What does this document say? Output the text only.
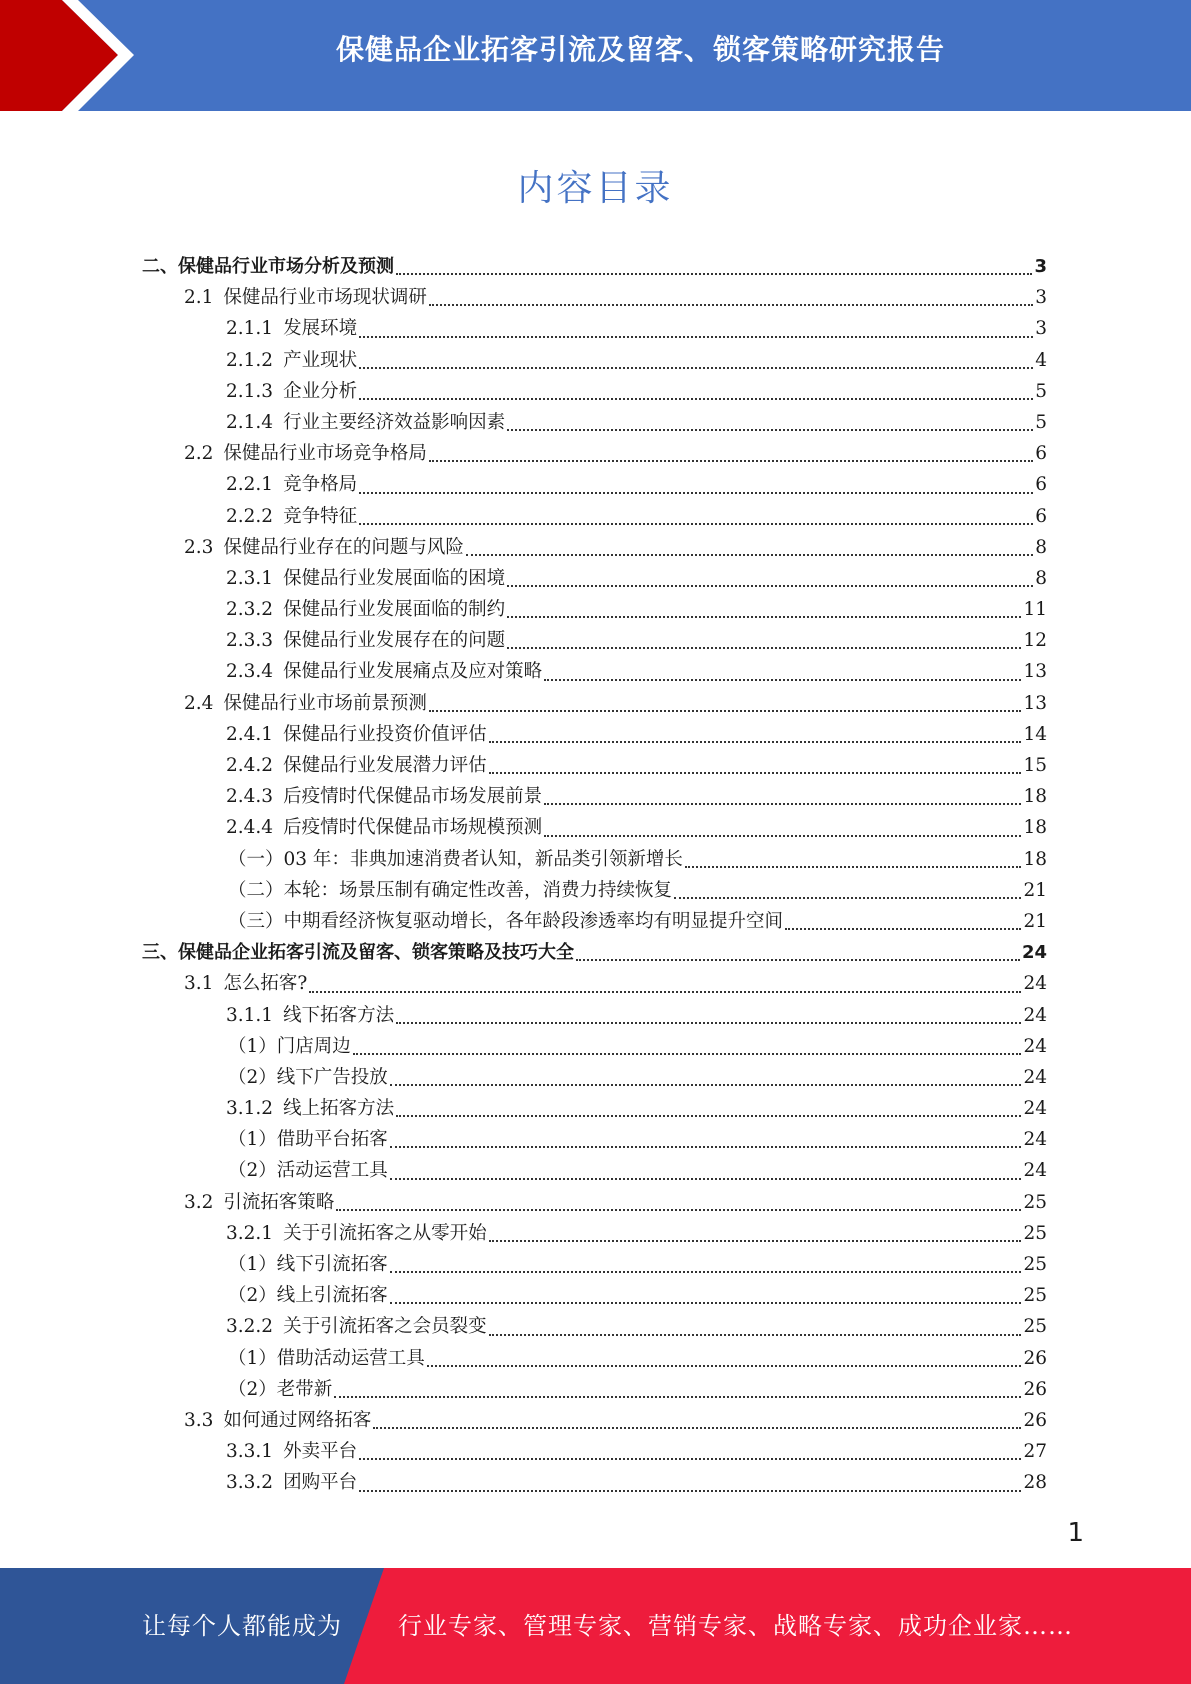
保健品企业拓客引流及留客、锁客策略研究报告
内容目录
二、保健品行业市场分析及预测	3
2.1 保健品行业市场现状调研	3
2.1.1 发展环境	3
2.1.2 产业现状	4
2.1.3 企业分析	5
2.1.4 行业主要经济效益影响因素	5
2.2 保健品行业市场竞争格局	6
2.2.1 竞争格局	6
2.2.2 竞争特征	6
2.3 保健品行业存在的问题与风险	8
2.3.1 保健品行业发展面临的困境	8
2.3.2 保健品行业发展面临的制约	11
2.3.3 保健品行业发展存在的问题	12
2.3.4 保健品行业发展痛点及应对策略	13
2.4 保健品行业市场前景预测	13
2.4.1 保健品行业投资价值评估	14
2.4.2 保健品行业发展潜力评估	15
2.4.3 后疫情时代保健品市场发展前景	18
2.4.4 后疫情时代保健品市场规模预测	18
（一）03 年：非典加速消费者认知，新品类引领新增长	18
（二）本轮：场景压制有确定性改善，消费力持续恢复	21
（三）中期看经济恢复驱动增长，各年龄段渗透率均有明显提升空间	21
三、保健品企业拓客引流及留客、锁客策略及技巧大全	24
3.1 怎么拓客?	24
3.1.1 线下拓客方法	24
（1）门店周边	24
（2）线下广告投放	24
3.1.2 线上拓客方法	24
（1）借助平台拓客	24
（2）活动运营工具	24
3.2 引流拓客策略	25
3.2.1 关于引流拓客之从零开始	25
（1）线下引流拓客	25
（2）线上引流拓客	25
3.2.2 关于引流拓客之会员裂变	25
（1）借助活动运营工具	26
（2）老带新	26
3.3 如何通过网络拓客	26
3.3.1 外卖平台	27
3.3.2 团购平台	28
1
让每个人都能成为 行业专家、管理专家、营销专家、战略专家、成功企业家……
